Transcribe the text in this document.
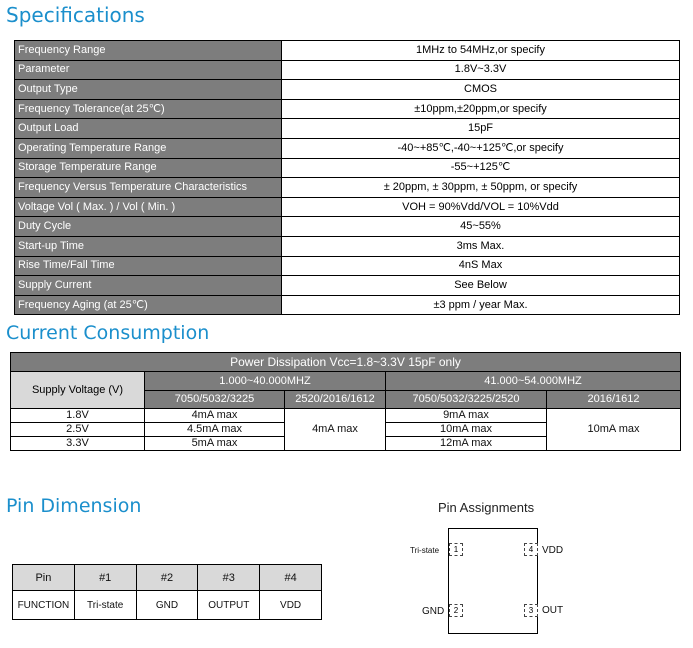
Specifications
Frequency Range	1MHz to 54MHz,or specify
Parameter	1.8V~3.3V
Output Type	CMOS
Frequency Tolerance(at 25℃)	±10ppm,±20ppm,or specify
Output Load	15pF
Operating Temperature Range	-40~+85℃,-40~+125℃,or specify
Storage Temperature Range	-55~+125℃
Frequency Versus Temperature Characteristics	± 20ppm, ± 30ppm, ± 50ppm, or specify
Voltage Vol ( Max. ) / Vol ( Min. )	VOH = 90%Vdd/VOL = 10%Vdd
Duty Cycle	45~55%
Start-up Time	3ms Max.
Rise Time/Fall Time	4nS Max
Supply Current	See Below
Frequency Aging (at 25℃)	±3 ppm / year Max.
Current Consumption
Power Dissipation Vcc=1.8~3.3V 15pF only				
Supply Voltage (V)	1.000~40.000MHZ		41.000~54.000MHZ	
	7050/5032/3225	2520/2016/1612	7050/5032/3225/2520	2016/1612
1.8V	4mA max	4mA max	9mA max	10mA max
2.5V	4.5mA max		10mA max	
3.3V	5mA max		12mA max	
Pin Dimension
Pin	#1	#2	#3	#4
FUNCTION	Tri-state	GND	OUTPUT	VDD
Pin Assignments
1
2	3
4
Tri-state
GND	OUT
VDD
